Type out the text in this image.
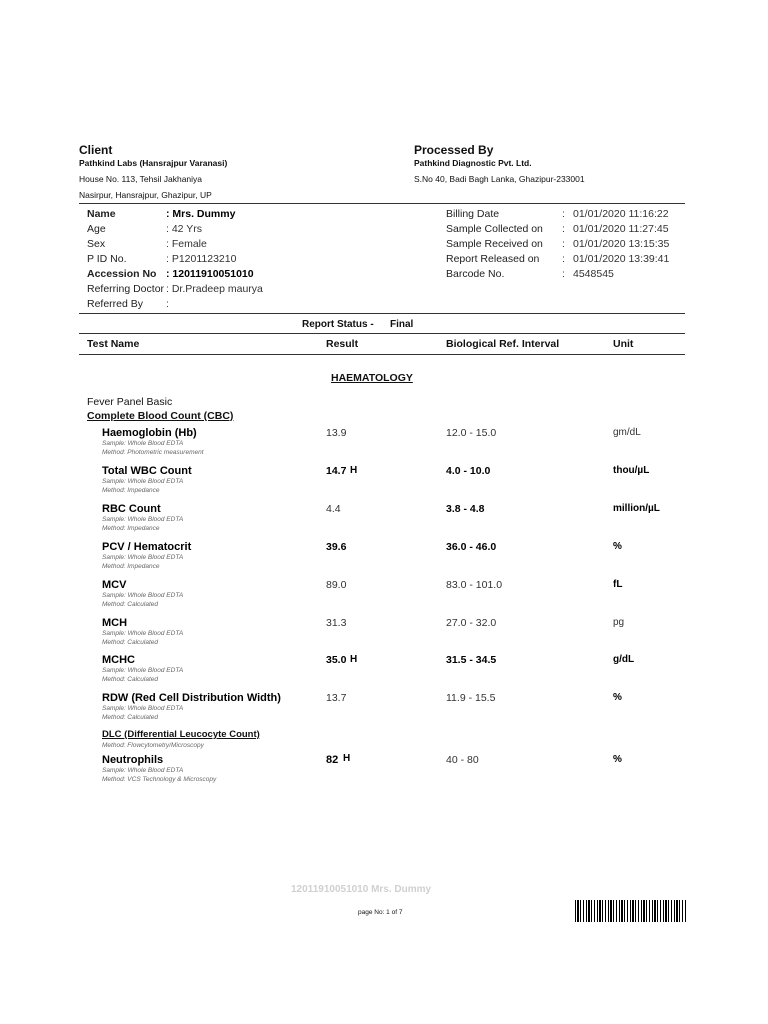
Client
Pathkind Labs (Hansrajpur Varanasi)
House No. 113, Tehsil Jakhaniya
Nasirpur, Hansrajpur, Ghazipur, UP
Processed By
Pathkind Diagnostic Pvt. Ltd.
S.No 40, Badi Bagh Lanka, Ghazipur-233001
Name	: Mrs. Dummy
Age	: 42 Yrs
Sex	: Female
P ID No.	: P1201123210
Accession No : 12011910051010
Referring Doctor : Dr.Pradeep maurya
Referred By :
Billing Date	: 01/01/2020 11:16:22
Sample Collected on : 01/01/2020 11:27:45
Sample Received on : 01/01/2020 13:15:35
Report Released on : 01/01/2020 13:39:41
Barcode No.	: 4548545
Report Status - Final
Test Name	Result	Biological Ref. Interval	Unit
HAEMATOLOGY
Fever Panel Basic
Complete Blood Count (CBC)
Haemoglobin (Hb)
Sample: Whole Blood EDTA
Method: Photometric measurement
13.9	12.0 - 15.0	gm/dL
Total WBC Count
Sample: Whole Blood EDTA
Method: Impedance
14.7 H	4.0 - 10.0	thou/µL
RBC Count
Sample: Whole Blood EDTA
Method: Impedance
4.4	3.8 - 4.8	million/µL
PCV / Hematocrit
Sample: Whole Blood EDTA
Method: Impedance
39.6	36.0 - 46.0	%
MCV
Sample: Whole Blood EDTA
Method: Calculated
89.0	83.0 - 101.0	fL
MCH
Sample: Whole Blood EDTA
Method: Calculated
31.3	27.0 - 32.0	pg
MCHC
Sample: Whole Blood EDTA
Method: Calculated
35.0 H	31.5 - 34.5	g/dL
RDW (Red Cell Distribution Width)
Sample: Whole Blood EDTA
Method: Calculated
13.7	11.9 - 15.5	%
DLC (Differential Leucocyte Count)
Method: Flowcytometry/Microscopy
Neutrophils
Sample: Whole Blood EDTA
Method: VCS Technology & Microscopy
82 H	40 - 80	%
12011910051010 Mrs. Dummy
page No: 1 of 7
